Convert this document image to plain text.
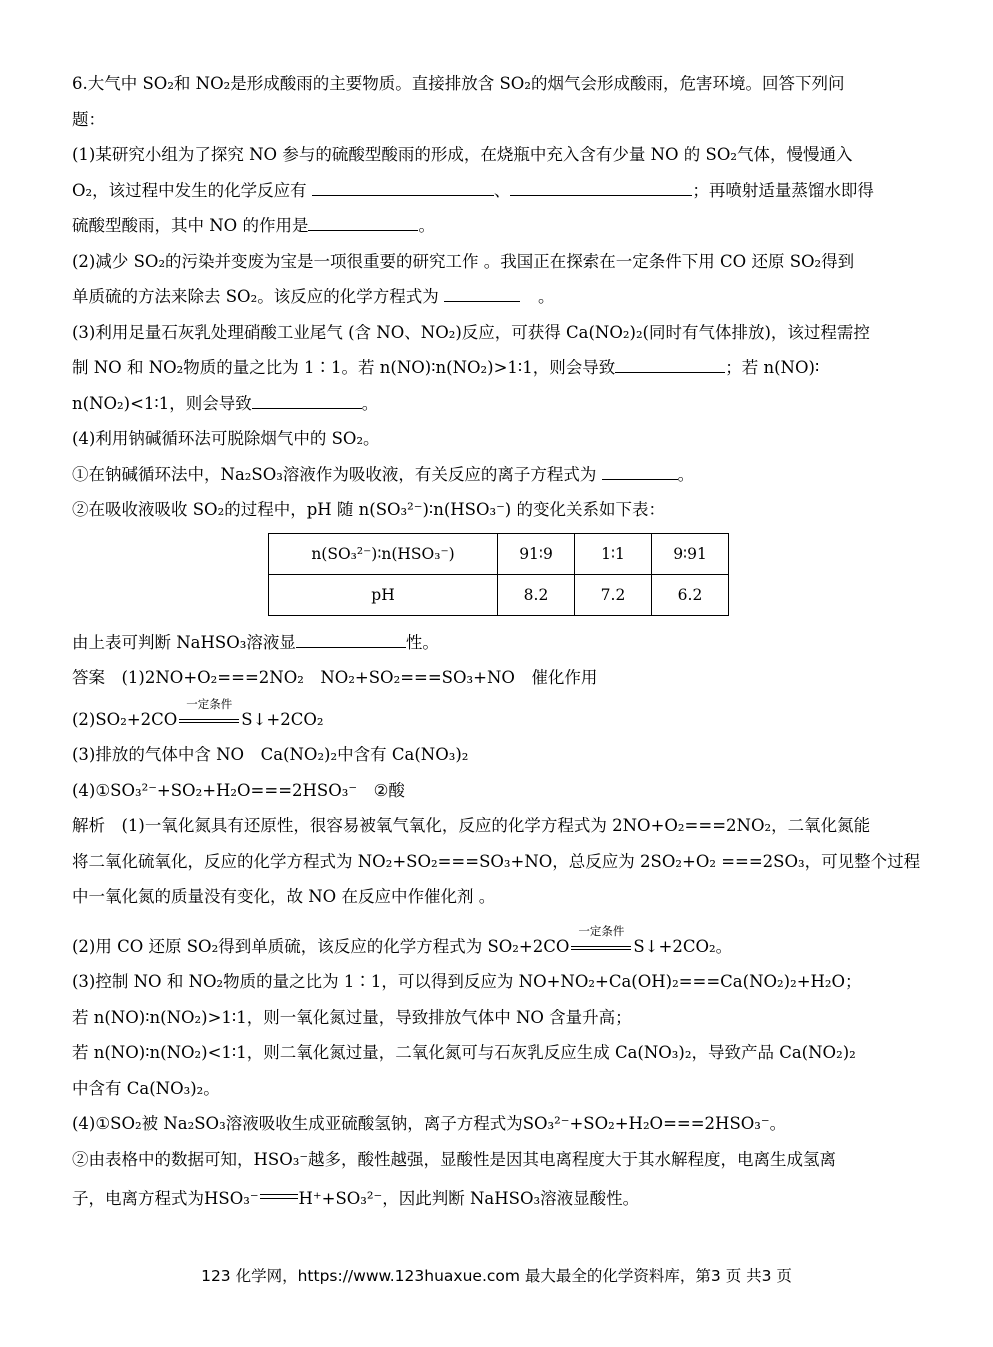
6.大气中 SO₂和 NO₂是形成酸雨的主要物质。直接排放含 SO₂的烟气会形成酸雨，危害环境。回答下列问
题：
(1)某研究小组为了探究 NO 参与的硫酸型酸雨的形成，在烧瓶中充入含有少量 NO 的 SO₂气体，慢慢通入
O₂，该过程中发生的化学反应有	、	；再喷射适量蒸馏水即得
硫酸型酸雨，其中 NO 的作用是	。
(2)减少 SO₂的污染并变废为宝是一项很重要的研究工作 。我国正在探索在一定条件下用 CO 还原 SO₂得到
单质硫的方法来除去 SO₂。该反应的化学方程式为	。
(3)利用足量石灰乳处理硝酸工业尾气 (含 NO、NO₂)反应，可获得 Ca(NO₂)₂(同时有气体排放)，该过程需控
制 NO 和 NO₂物质的量之比为 1∶1。若 n(NO)∶n(NO₂)>1∶1，则会导致	；若 n(NO)∶
n(NO₂)<1∶1，则会导致	。
(4)利用钠碱循环法可脱除烟气中的 SO₂。
①在钠碱循环法中，Na₂SO₃溶液作为吸收液，有关反应的离子方程式为	。
②在吸收液吸收 SO₂的过程中，pH 随 n(SO₃²⁻)∶n(HSO₃⁻) 的变化关系如下表：
由上表可判断 NaHSO₃溶液显	性。
答案　(1)2NO+O₂===2NO₂　NO₂+SO₂===SO₃+NO　催化作用
(2)SO₂+2CO
一定条件
S↓+2CO₂
(3)排放的气体中含 NO　Ca(NO₂)₂中含有 Ca(NO₃)₂
(4)①SO₃²⁻+SO₂+H₂O===2HSO₃⁻　②酸
解析　(1)一氧化氮具有还原性，很容易被氧气氧化，反应的化学方程式为 2NO+O₂===2NO₂，二氧化氮能
将二氧化硫氧化，反应的化学方程式为 NO₂+SO₂===SO₃+NO，总反应为 2SO₂+O₂ ===2SO₃，可见整个过程
中一氧化氮的质量没有变化，故 NO 在反应中作催化剂 。
(2)用 CO 还原 SO₂得到单质硫，该反应的化学方程式为 SO₂+2CO
一定条件
S↓+2CO₂。
(3)控制 NO 和 NO₂物质的量之比为 1∶1，可以得到反应为 NO+NO₂+Ca(OH)₂===Ca(NO₂)₂+H₂O；
若 n(NO)∶n(NO₂)>1∶1，则一氧化氮过量，导致排放气体中 NO 含量升高；
若 n(NO)∶n(NO₂)<1∶1，则二氧化氮过量，二氧化氮可与石灰乳反应生成 Ca(NO₃)₂，导致产品 Ca(NO₂)₂
中含有 Ca(NO₃)₂。
(4)①SO₂被 Na₂SO₃溶液吸收生成亚硫酸氢钠，离子方程式为SO₃²⁻+SO₂+H₂O===2HSO₃⁻。
②由表格中的数据可知，HSO₃⁻越多，酸性越强，显酸性是因其电离程度大于其水解程度，电离生成氢离
子，电离方程式为HSO₃⁻ H⁺+SO₃²⁻，因此判断 NaHSO₃溶液显酸性。
n(SO₃²⁻)∶n(HSO₃⁻)	91∶9	1∶1	9∶91
pH	8.2	7.2	6.2
123 化学网，https://www.123huaxue.com 最大最全的化学资料库，第3 页 共3 页
